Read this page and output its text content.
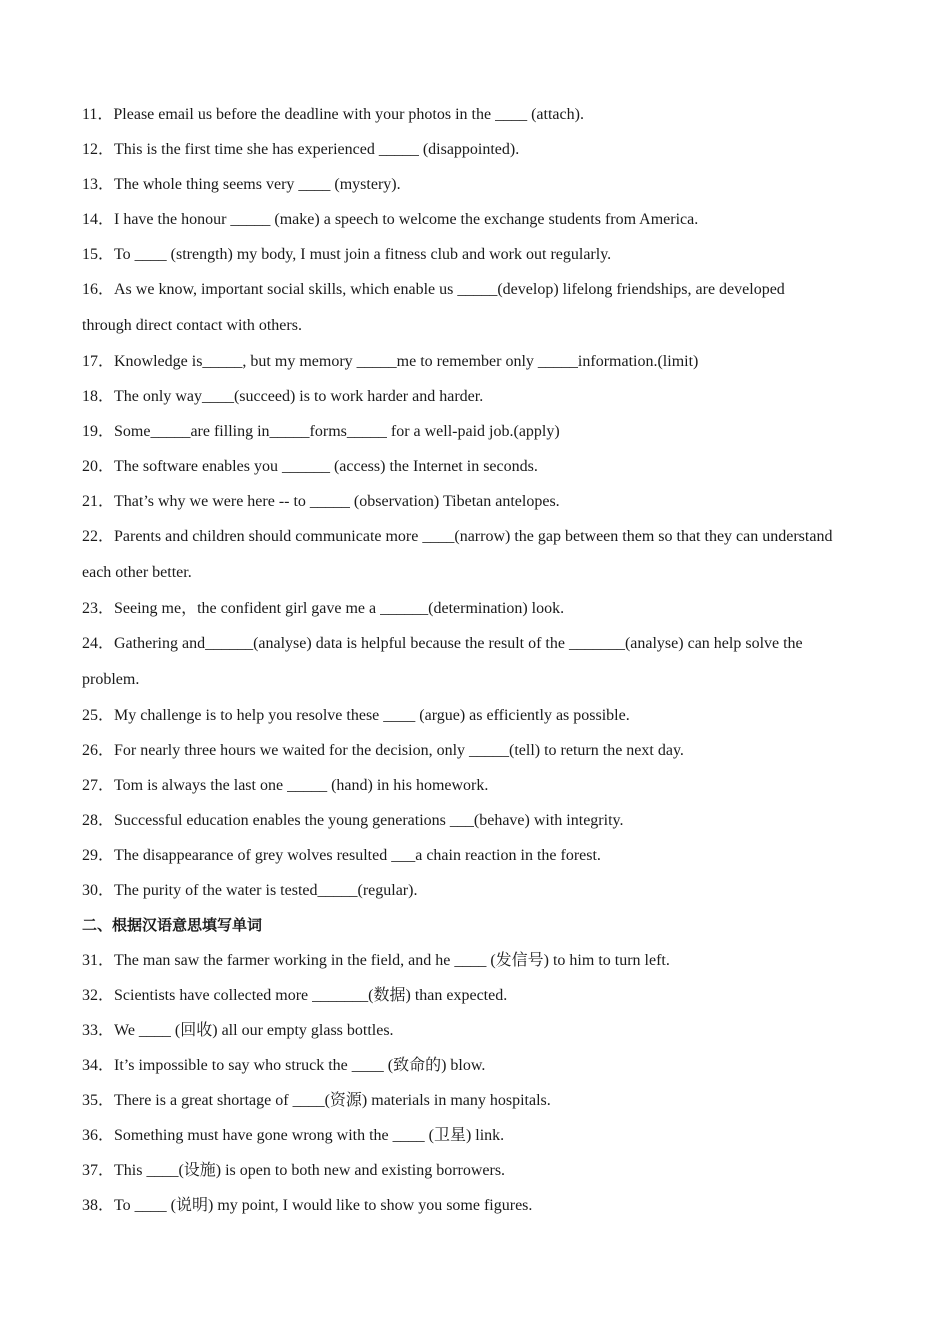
11．Please email us before the deadline with your photos in the ____ (attach).
12．This is the first time she has experienced _____ (disappointed).
13．The whole thing seems very ____ (mystery).
14．I have the honour _____ (make) a speech to welcome the exchange students from America.
15．To ____ (strength) my body, I must join a fitness club and work out regularly.
16．As we know, important social skills, which enable us _____(develop) lifelong friendships, are developed
through direct contact with others.
17．Knowledge is_____, but my memory _____me to remember only _____information.(limit)
18．The only way____(succeed) is to work harder and harder.
19．Some_____are filling in_____forms_____ for a well-paid job.(apply)
20．The software enables you ______ (access) the Internet in seconds.
21．That’s why we were here -- to _____ (observation) Tibetan antelopes.
22．Parents and children should communicate more ____(narrow) the gap between them so that they can understand
each other better.
23．Seeing me，the confident girl gave me a ______(determination) look.
24．Gathering and______(analyse) data is helpful because the result of the _______(analyse) can help solve the
problem.
25．My challenge is to help you resolve these ____ (argue) as efficiently as possible.
26．For nearly three hours we waited for the decision, only _____(tell) to return the next day.
27．Tom is always the last one _____ (hand) in his homework.
28．Successful education enables the young generations ___(behave) with integrity.
29．The disappearance of grey wolves resulted ___a chain reaction in the forest.
30．The purity of the water is tested_____(regular).
二、根据汉语意思填写单词
31．The man saw the farmer working in the field, and he ____ (发信号) to him to turn left.
32．Scientists have collected more _______(数据) than expected.
33．We ____ (回收) all our empty glass bottles.
34．It’s impossible to say who struck the ____ (致命的) blow.
35．There is a great shortage of ____(资源) materials in many hospitals.
36．Something must have gone wrong with the ____ (卫星) link.
37．This ____(设施) is open to both new and existing borrowers.
38．To ____ (说明) my point, I would like to show you some figures.
